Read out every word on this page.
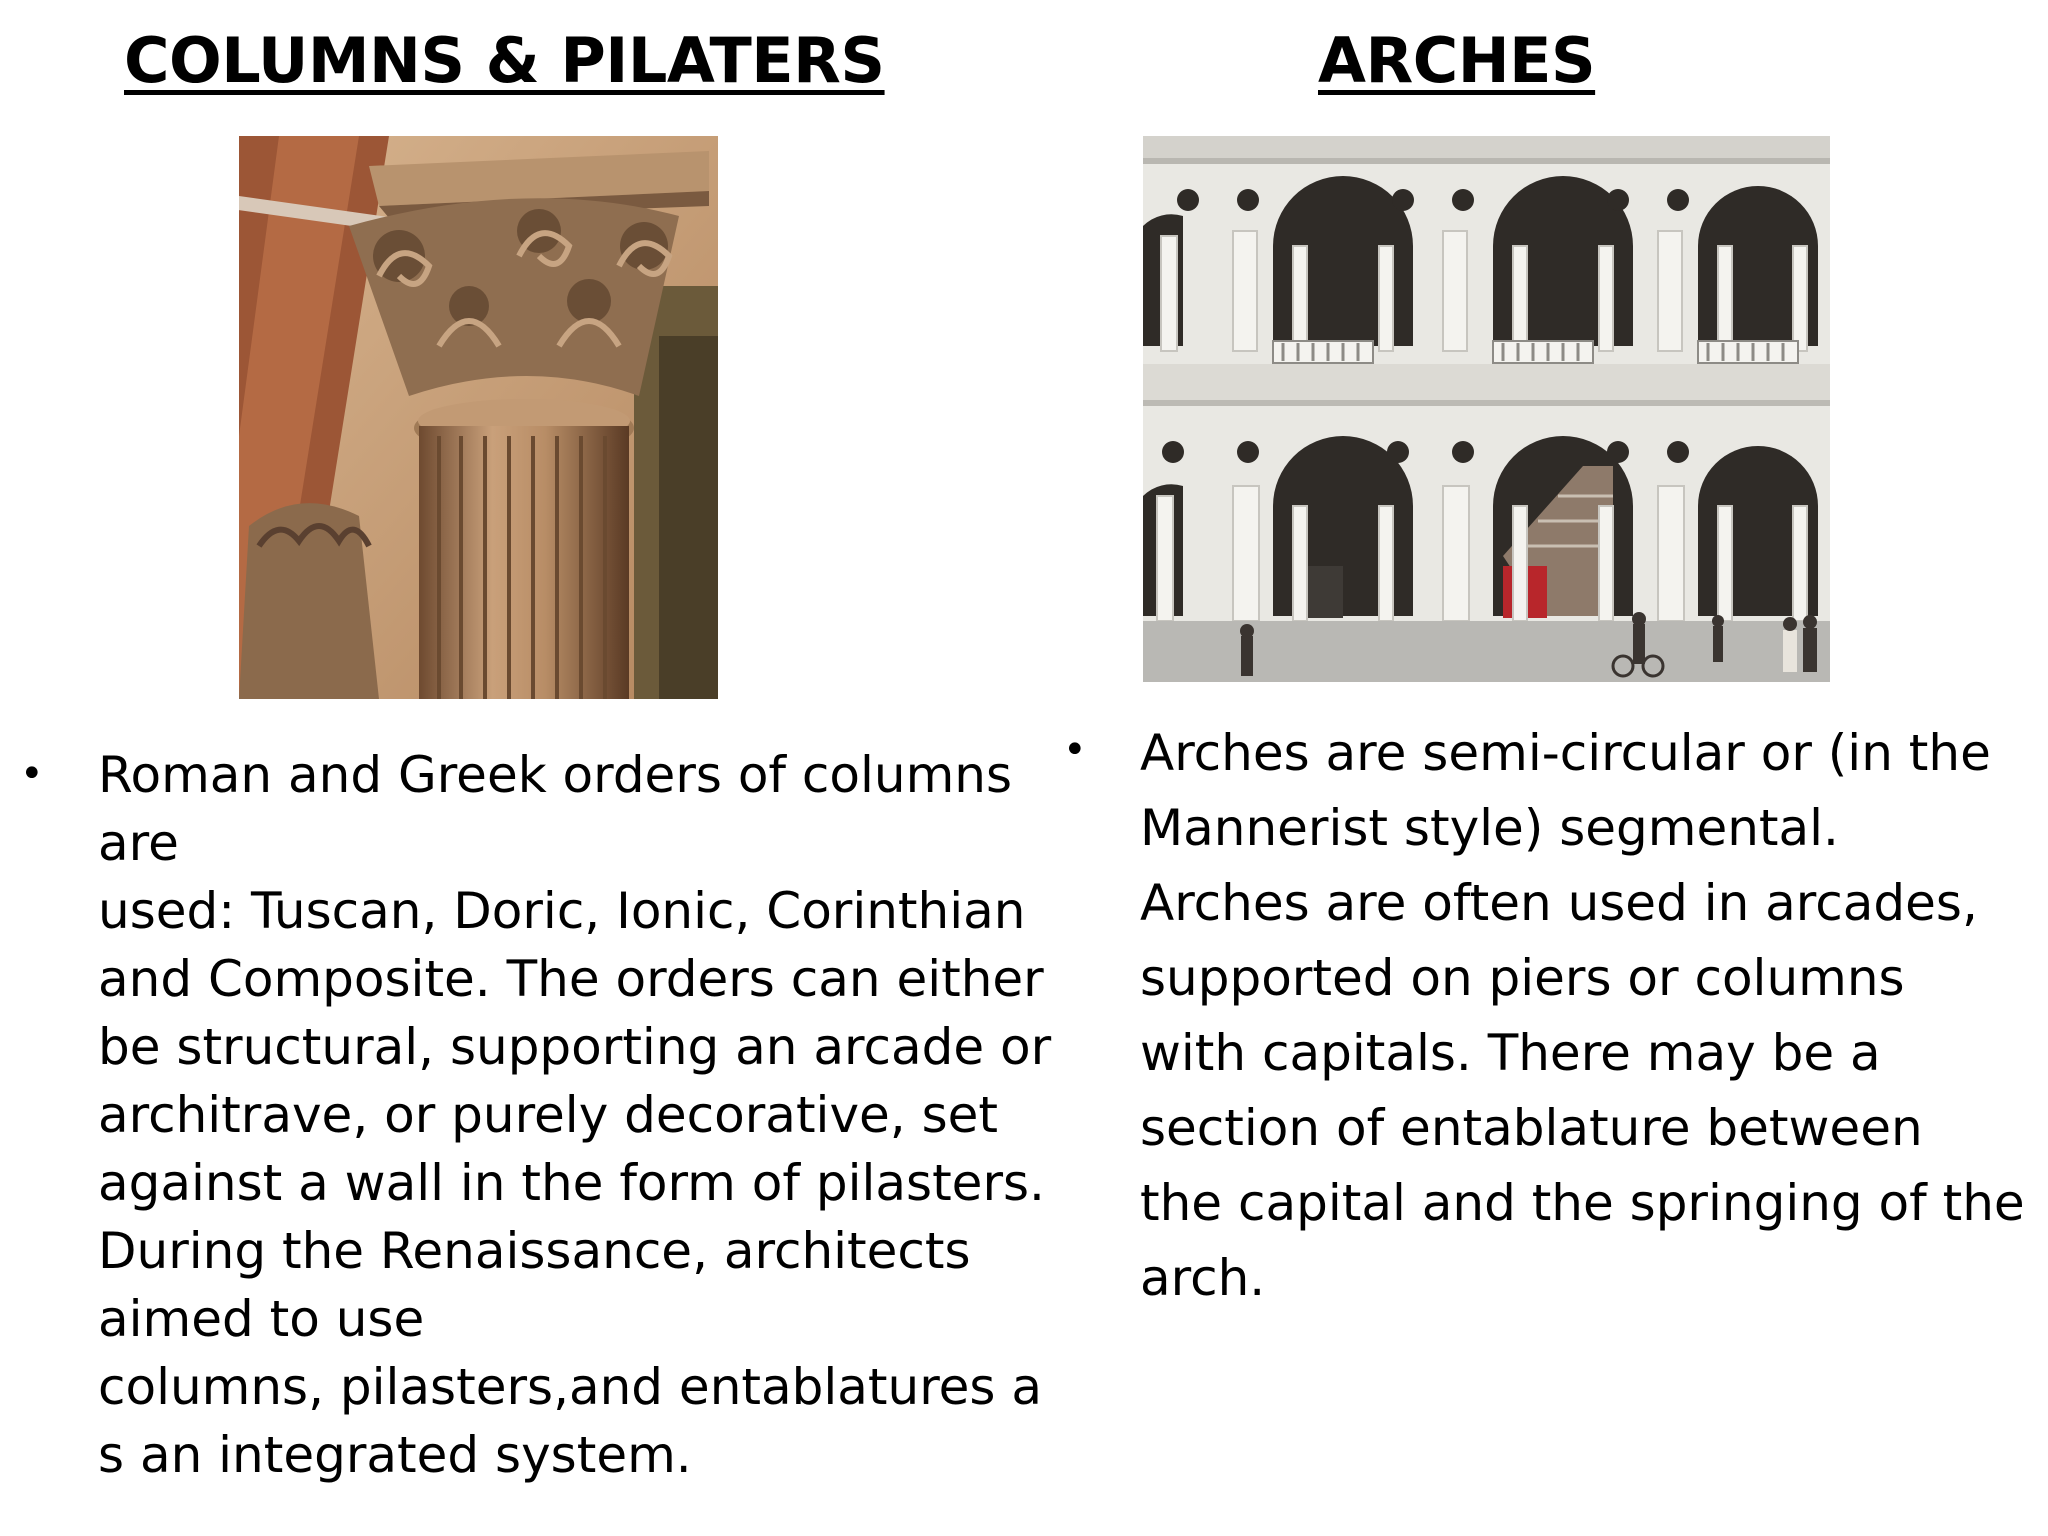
COLUMNS & PILATERS	ARCHES
• Roman and Greek orders of columns
are
used: Tuscan, Doric, Ionic, Corinthian
and Composite. The orders can either
be structural, supporting an arcade or
architrave, or purely decorative, set
against a wall in the form of pilasters.
During the Renaissance, architects
aimed to use
columns, pilasters,and entablatures a
s an integrated system.
• Arches are semi-circular or (in the
Mannerist style) segmental.
Arches are often used in arcades,
supported on piers or columns
with capitals. There may be a
section of entablature between
the capital and the springing of the
arch.
